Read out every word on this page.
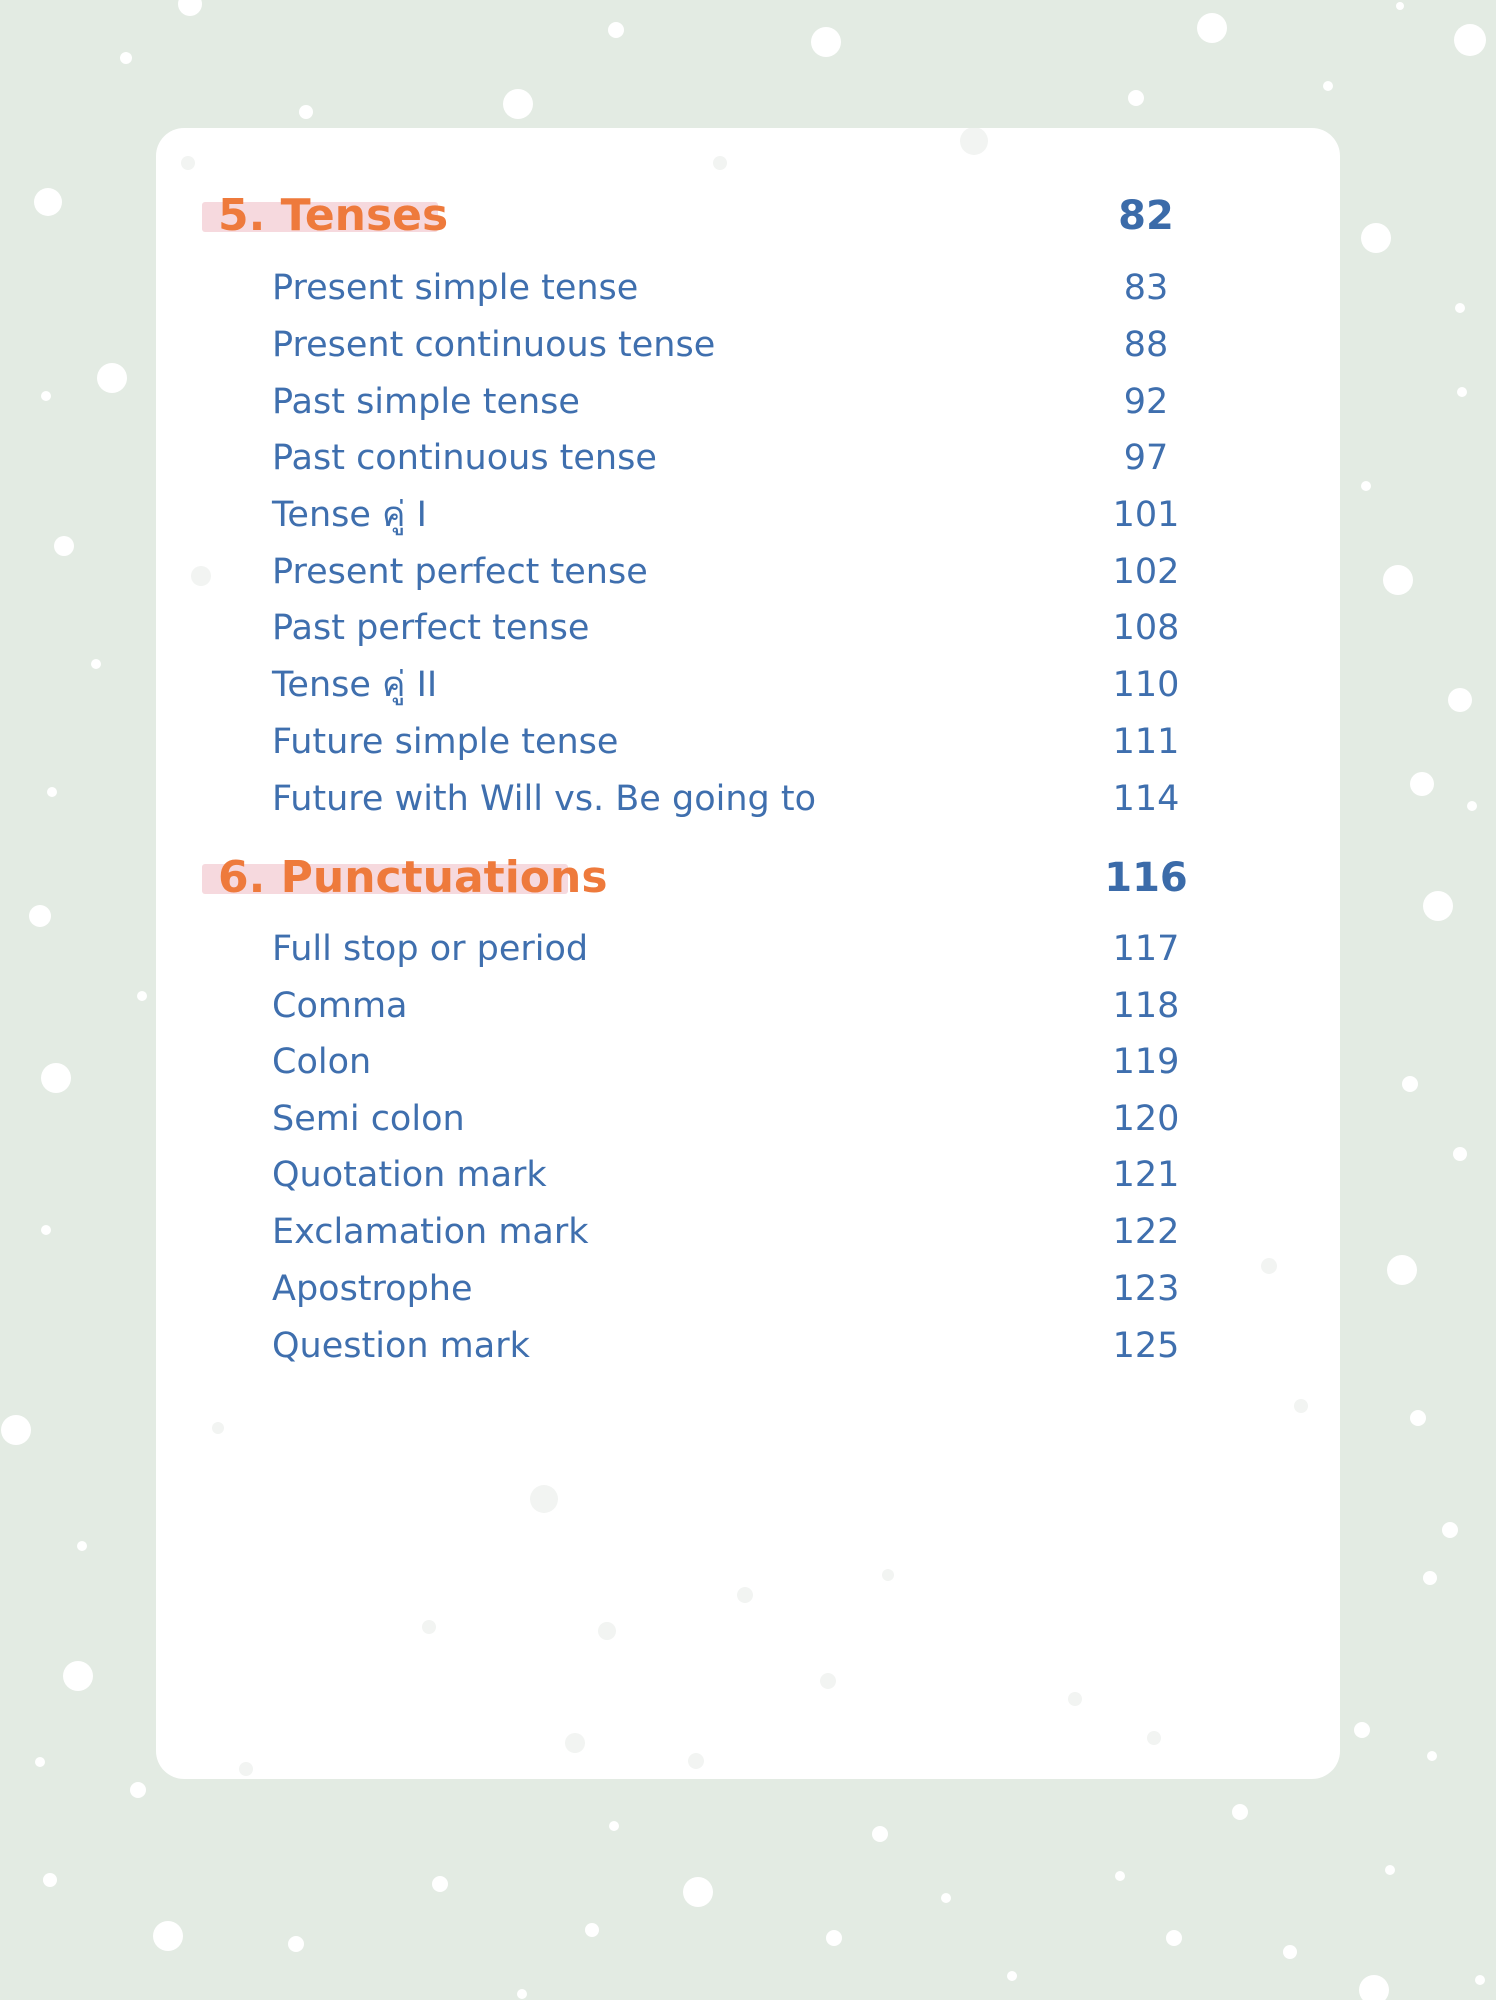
5. Tenses	82
Present simple tense	83
Present continuous tense	88
Past simple tense	92
Past continuous tense	97
Tense คู่ I	101
Present perfect tense	102
Past perfect tense	108
Tense คู่ II	110
Future simple tense	111
Future with Will vs. Be going to	114
6. Punctuations	116
Full stop or period	117
Comma	118
Colon	119
Semi colon	120
Quotation mark	121
Exclamation mark	122
Apostrophe	123
Question mark	125
